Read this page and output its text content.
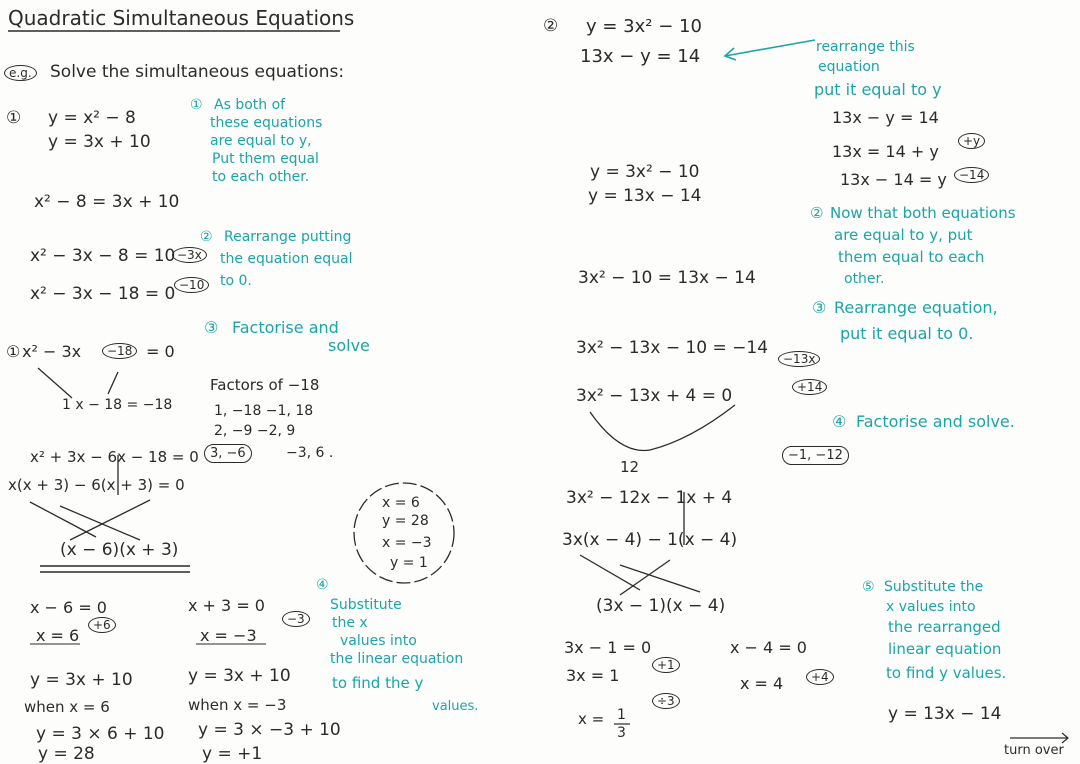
Quadratic Simultaneous Equations
e.g. Solve the simultaneous equations:
① y = x² − 8
y = 3x + 10
① As both of
these equations
are equal to y,
Put them equal
to each other.
x² − 8 = 3x + 10
x² − 3x − 8 = 10 −3x
x² − 3x − 18 = 0 −10
② Rearrange putting
the equation equal
to 0.
③ Factorise and
solve
① x² − 3x	−18 = 0
1 x − 18 = −18
Factors of −18
1, −18 −1, 18
2, −9 −2, 9
−3, 6 .
3, −6
x² + 3x − 6x − 18 = 0
x(x + 3) − 6(x + 3) = 0
(x − 6)(x + 3)
x = 6
y = 28
x = −3
y = 1
x − 6 = 0
+6
x = 6
x + 3 = 0
−3
x = −3
④
Substitute
the x
values into
the linear equation
to find the y
values.
y = 3x + 10
when x = 6
y = 3 × 6 + 10
y = 28
y = 3x + 10
when x = −3
y = 3 × −3 + 10
y = +1
② y = 3x² − 10
13x − y = 14	rearrange this
equation
put it equal to y
13x − y = 14
13x = 14 + y
13x − 14 = y
+y
−14
y = 3x² − 10
y = 13x − 14
② Now that both equations
are equal to y, put
them equal to each
other.
3x² − 10 = 13x − 14
③ Rearrange equation,
put it equal to 0.
3x² − 13x − 10 = −14
−13x
+14
3x² − 13x + 4 = 0
④ Factorise and solve.
−1, −12
12
3x² − 12x − 1x + 4
3x(x − 4) − 1(x − 4)
(3x − 1)(x − 4)
3x − 1 = 0
+1
3x = 1
÷3
x = 1
3
x − 4 = 0
x = 4	+4
⑤ Substitute the
x values into
the rearranged
linear equation
to find y values.
y = 13x − 14
turn over
